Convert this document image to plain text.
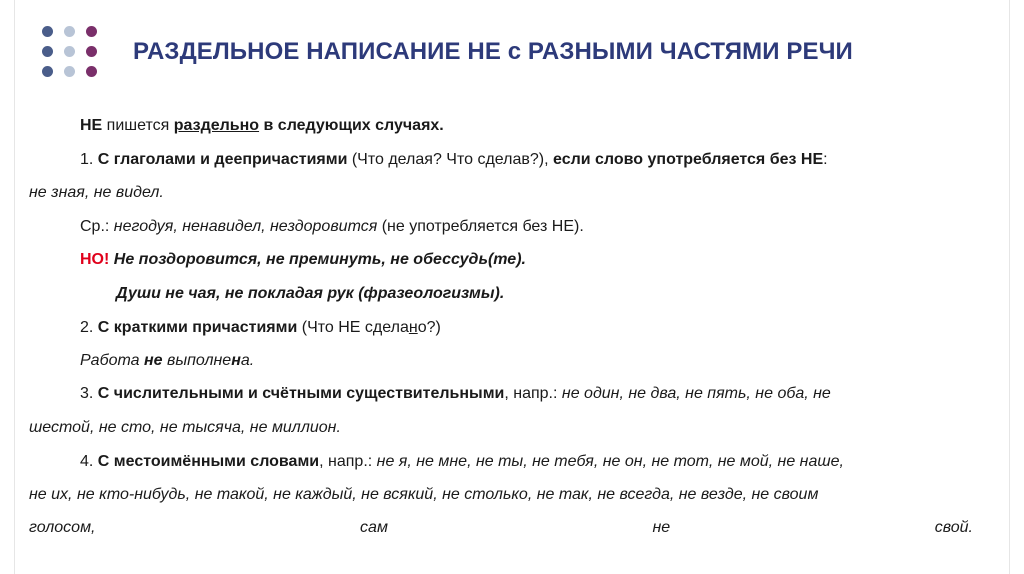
РАЗДЕЛЬНОЕ НАПИСАНИЕ НЕ с РАЗНЫМИ ЧАСТЯМИ РЕЧИ
НЕ пишется раздельно в следующих случаях.
1. С глаголами и деепричастиями (Что делая? Что сделав?), если слово употребляется без НЕ:
не зная, не видел.
Ср.: негодуя, ненавидел, нездоровится (не употребляется без НЕ).
НО! Не поздоровится, не преминуть, не обессудь(те).
Души не чая, не покладая рук (фразеологизмы).
2. С краткими причастиями (Что НЕ сделано?)
Работа не выполнена.
3. С числительными и счётными существительными, напр.: не один, не два, не пять, не оба, не
шестой, не сто, не тысяча, не миллион.
4. С местоимёнными словами, напр.: не я, не мне, не ты, не тебя, не он, не тот, не мой, не наше,
не их, не кто-нибудь, не такой, не каждый, не всякий, не столько, не так, не всегда, не везде, не своим
голосом,	сам	не	свой.
